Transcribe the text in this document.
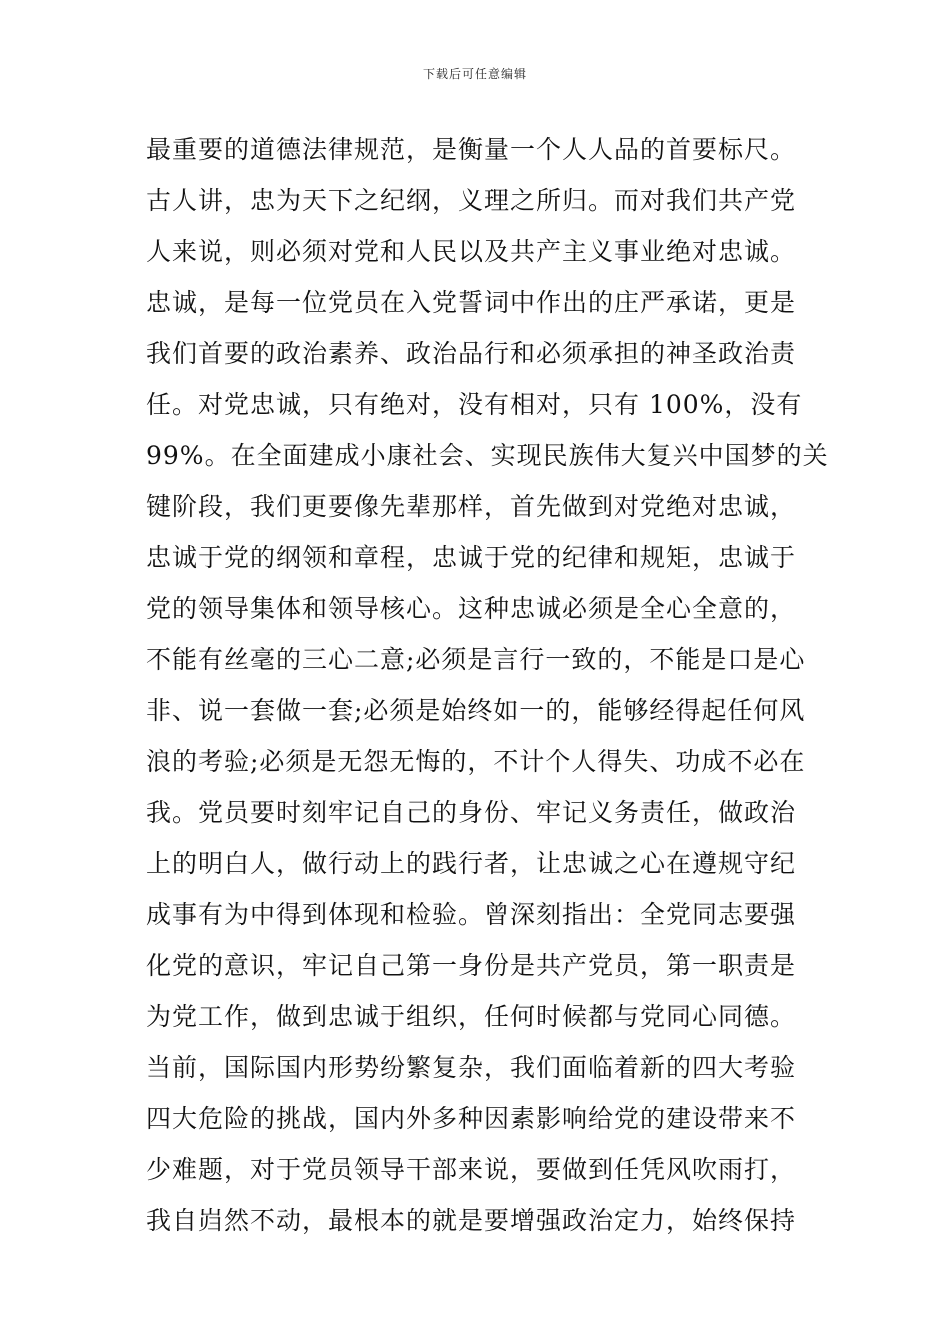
下载后可任意编辑
最重要的道德法律规范，是衡量一个人人品的首要标尺。
古人讲，忠为天下之纪纲，义理之所归。而对我们共产党
人来说，则必须对党和人民以及共产主义事业绝对忠诚。
忠诚，是每一位党员在入党誓词中作出的庄严承诺，更是
我们首要的政治素养、政治品行和必须承担的神圣政治责
任。对党忠诚，只有绝对，没有相对，只有 100%，没有
99%。在全面建成小康社会、实现民族伟大复兴中国梦的关
键阶段，我们更要像先辈那样，首先做到对党绝对忠诚，
忠诚于党的纲领和章程，忠诚于党的纪律和规矩，忠诚于
党的领导集体和领导核心。这种忠诚必须是全心全意的，
不能有丝毫的三心二意;必须是言行一致的，不能是口是心
非、说一套做一套;必须是始终如一的，能够经得起任何风
浪的考验;必须是无怨无悔的，不计个人得失、功成不必在
我。党员要时刻牢记自己的身份、牢记义务责任，做政治
上的明白人，做行动上的践行者，让忠诚之心在遵规守纪
成事有为中得到体现和检验。曾深刻指出：全党同志要强
化党的意识，牢记自己第一身份是共产党员，第一职责是
为党工作，做到忠诚于组织，任何时候都与党同心同德。
当前，国际国内形势纷繁复杂，我们面临着新的四大考验
四大危险的挑战，国内外多种因素影响给党的建设带来不
少难题，对于党员领导干部来说，要做到任凭风吹雨打，
我自岿然不动，最根本的就是要增强政治定力，始终保持
